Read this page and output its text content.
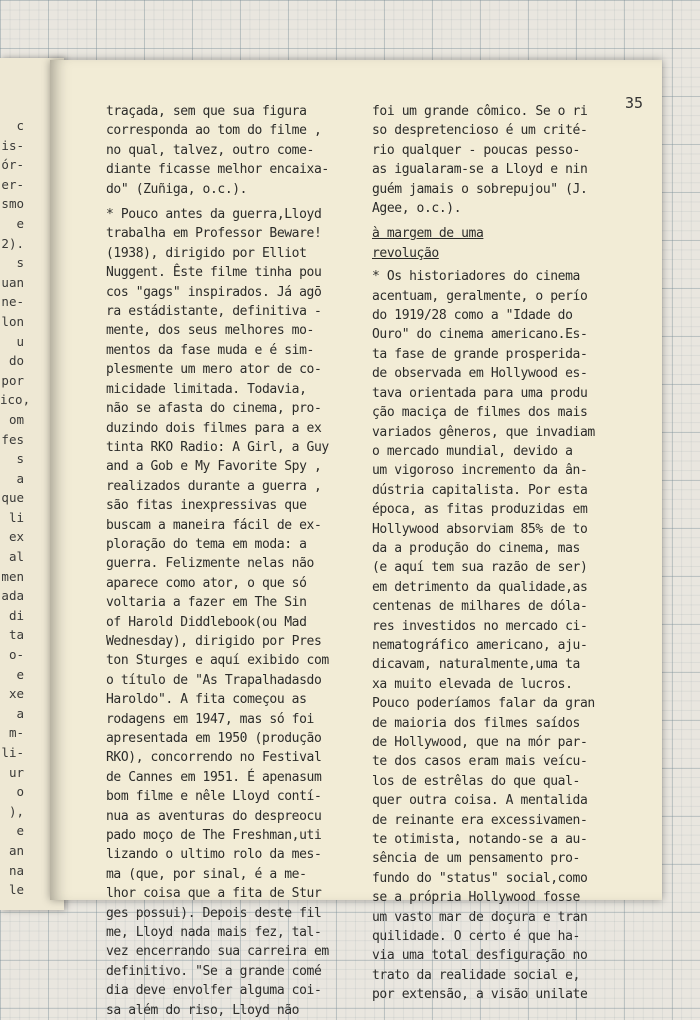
c
is-
ór-
er-
smo
e
2).
s
uan
ne-
lon
u
do
por
ico,
om
fes
s
a
que
li
ex
al
men
ada
di
ta
o-
e
xe
a
m-
li-
ur
o
),
e
an
na
le
35
traçada, sem que sua figura
corresponda ao tom do filme ,
no qual, talvez, outro come-
diante ficasse melhor encaixa-
do" (Zuñiga, o.c.).
* Pouco antes da guerra,Lloyd
trabalha em Professor Beware!
(1938), dirigido por Elliot
Nuggent. Êste filme tinha pou
cos "gags" inspirados. Já agō
ra estádistante, definitiva -
mente, dos seus melhores mo-
mentos da fase muda e é sim-
plesmente um mero ator de co-
micidade limitada. Todavia,
não se afasta do cinema, pro-
duzindo dois filmes para a ex
tinta RKO Radio: A Girl, a Guy
and a Gob e My Favorite Spy ,
realizados durante a guerra ,
são fitas inexpressivas que
buscam a maneira fácil de ex-
ploração do tema em moda: a
guerra. Felizmente nelas não
aparece como ator, o que só
voltaria a fazer em The Sin
of Harold Diddlebook(ou Mad
Wednesday), dirigido por Pres
ton Sturges e aquí exibido com
o título de "As Trapalhadasdo
Haroldo". A fita começou as
rodagens em 1947, mas só foi
apresentada em 1950 (produção
RKO), concorrendo no Festival
de Cannes em 1951. É apenasum
bom filme e nêle Lloyd contí-
nua as aventuras do despreocu
pado moço de The Freshman,uti
lizando o ultimo rolo da mes-
ma (que, por sinal, é a me-
lhor coisa que a fita de Stur
ges possui). Depois deste fil
me, Lloyd nada mais fez, tal-
vez encerrando sua carreira em
definitivo. "Se a grande comé
dia deve envolfer alguma coi-
sa além do riso, Lloyd não
foi um grande cômico. Se o ri
so despretencioso é um crité-
rio qualquer - poucas pesso-
as igualaram-se a Lloyd e nin
guém jamais o sobrepujou" (J.
Agee, o.c.).
à margem de uma
revolução
* Os historiadores do cinema
acentuam, geralmente, o perío
do 1919/28 como a "Idade do
Ouro" do cinema americano.Es-
ta fase de grande prosperida-
de observada em Hollywood es-
tava orientada para uma produ
ção maciça de filmes dos mais
variados gêneros, que invadiam
o mercado mundial, devido a
um vigoroso incremento da ân-
dústria capitalista. Por esta
época, as fitas produzidas em
Hollywood absorviam 85% de to
da a produção do cinema, mas
(e aquí tem sua razão de ser)
em detrimento da qualidade,as
centenas de milhares de dóla-
res investidos no mercado ci-
nematográfico americano, aju-
dicavam, naturalmente,uma ta
xa muito elevada de lucros.
Pouco poderíamos falar da gran
de maioria dos filmes saídos
de Hollywood, que na mór par-
te dos casos eram mais veícu-
los de estrêlas do que qual-
quer outra coisa. A mentalida
de reinante era excessivamen-
te otimista, notando-se a au-
sência de um pensamento pro-
fundo do "status" social,como
se a própria Hollywood fosse
um vasto mar de doçura e tran
quilidade. O certo é que ha-
via uma total desfiguração no
trato da realidade social e,
por extensão, a visão unilate
